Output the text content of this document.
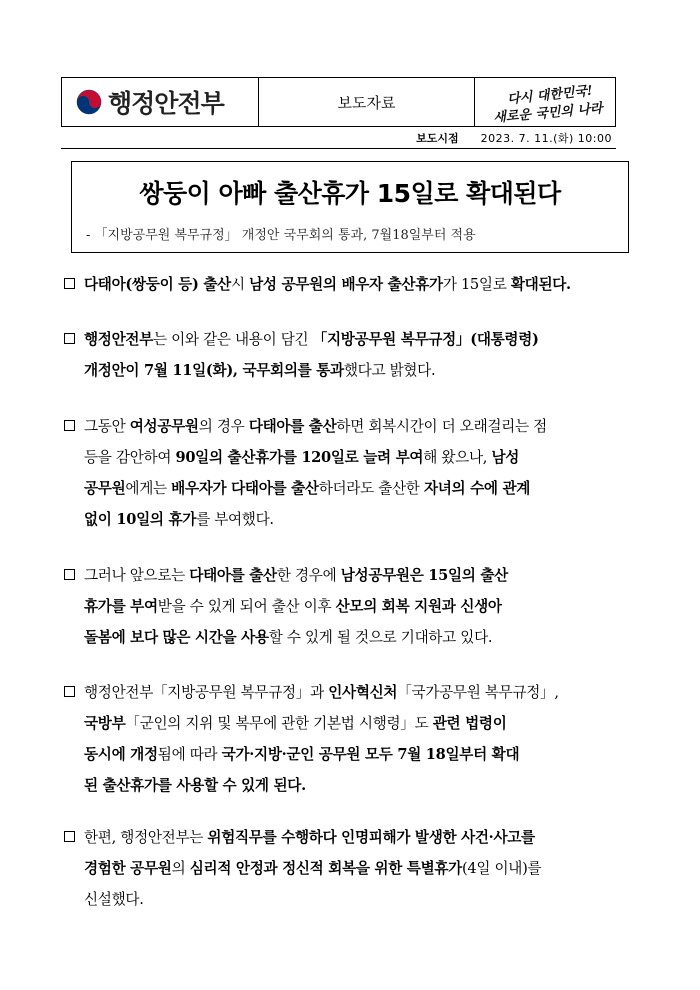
행정안전부	보도자료	다시 대한민국!
새로운 국민의 나라
보도시점 2023. 7. 11.(화) 10:00
쌍둥이 아빠 출산휴가 15일로 확대된다
- 「지방공무원 복무규정」 개정안 국무회의 통과, 7월18일부터 적용
다태아(쌍둥이 등) 출산시 남성 공무원의 배우자 출산휴가가 15일로 확대된다.
행정안전부는 이와 같은 내용이 담긴 「지방공무원 복무규정」(대통령령)
개정안이 7월 11일(화), 국무회의를 통과했다고 밝혔다.
그동안 여성공무원의 경우 다태아를 출산하면 회복시간이 더 오래걸리는 점
등을 감안하여 90일의 출산휴가를 120일로 늘려 부여해 왔으나, 남성
공무원에게는 배우자가 다태아를 출산하더라도 출산한 자녀의 수에 관계
없이 10일의 휴가를 부여했다.
그러나 앞으로는 다태아를 출산한 경우에 남성공무원은 15일의 출산
휴가를 부여받을 수 있게 되어 출산 이후 산모의 회복 지원과 신생아
돌봄에 보다 많은 시간을 사용할 수 있게 될 것으로 기대하고 있다.
행정안전부「지방공무원 복무규정」과 인사혁신처「국가공무원 복무규정」,
국방부「군인의 지위 및 복무에 관한 기본법 시행령」도 관련 법령이
동시에 개정됨에 따라 국가·지방·군인 공무원 모두 7월 18일부터 확대
된 출산휴가를 사용할 수 있게 된다.
한편, 행정안전부는 위험직무를 수행하다 인명피해가 발생한 사건·사고를
경험한 공무원의 심리적 안정과 정신적 회복을 위한 특별휴가(4일 이내)를
신설했다.
